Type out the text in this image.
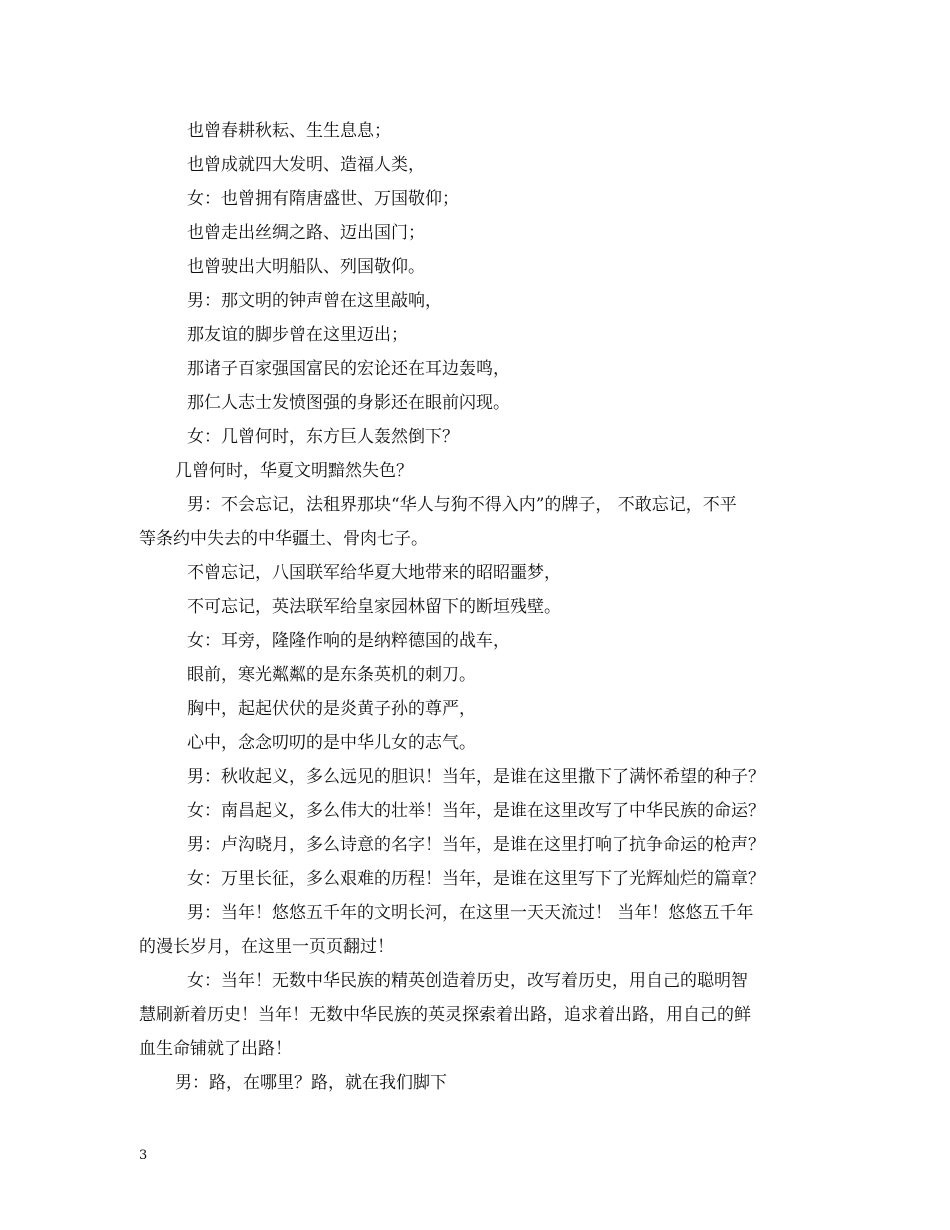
也曾春耕秋耘、生生息息；
也曾成就四大发明、造福人类，
女：也曾拥有隋唐盛世、万国敬仰；
也曾走出丝绸之路、迈出国门；
也曾驶出大明船队、列国敬仰。
男：那文明的钟声曾在这里敲响，
那友谊的脚步曾在这里迈出；
那诸子百家强国富民的宏论还在耳边轰鸣，
那仁人志士发愤图强的身影还在眼前闪现。
女：几曾何时，东方巨人轰然倒下？
几曾何时，华夏文明黯然失色？
男：不会忘记，法租界那块“华人与狗不得入内”的牌子， 不敢忘记，不平
等条约中失去的中华疆土、骨肉七子。
不曾忘记，八国联军给华夏大地带来的昭昭噩梦，
不可忘记，英法联军给皇家园林留下的断垣残壁。
女：耳旁，隆隆作响的是纳粹德国的战车，
眼前，寒光粼粼的是东条英机的刺刀。
胸中，起起伏伏的是炎黄子孙的尊严，
心中，念念叨叨的是中华儿女的志气。
男：秋收起义，多么远见的胆识！当年，是谁在这里撒下了满怀希望的种子？
女：南昌起义，多么伟大的壮举！当年，是谁在这里改写了中华民族的命运？
男：卢沟晓月，多么诗意的名字！当年，是谁在这里打响了抗争命运的枪声？
女：万里长征，多么艰难的历程！当年，是谁在这里写下了光辉灿烂的篇章？
男：当年！悠悠五千年的文明长河，在这里一天天流过！ 当年！悠悠五千年
的漫长岁月，在这里一页页翻过！
女：当年！无数中华民族的精英创造着历史，改写着历史，用自己的聪明智
慧刷新着历史！当年！无数中华民族的英灵探索着出路，追求着出路，用自己的鲜
血生命铺就了出路！
男：路，在哪里？路，就在我们脚下
3
